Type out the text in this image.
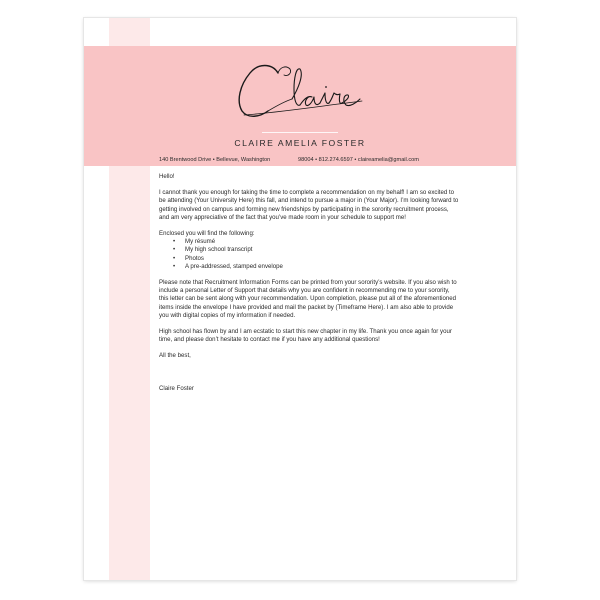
CLAIRE AMELIA FOSTER
140 Brentwood Drive • Bellevue, Washington	98004 • 812.274.6597 • claireamelia@gmail.com

Hello!

I cannot thank you enough for taking the time to complete a recommendation on my behalf! I am so excited to be attending (Your University Here) this fall, and intend to pursue a major in (Your Major). I’m looking forward to getting involved on campus and forming new friendships by participating in the sorority recruitment process, and am very appreciative of the fact that you’ve made room in your schedule to support me!

Enclosed you will find the following:

• My résumé
• My high school transcript
• Photos
• A pre-addressed, stamped envelope

Please note that Recruitment Information Forms can be printed from your sorority’s website. If you also wish to include a personal Letter of Support that details why you are confident in recommending me to your sorority, this letter can be sent along with your recommendation. Upon completion, please put all of the aforementioned items inside the envelope I have provided and mail the packet by (Timeframe Here). I am also able to provide you with digital copies of my information if needed.

High school has flown by and I am ecstatic to start this new chapter in my life. Thank you once again for your time, and please don’t hesitate to contact me if you have any additional questions!

All the best,

Claire Foster
